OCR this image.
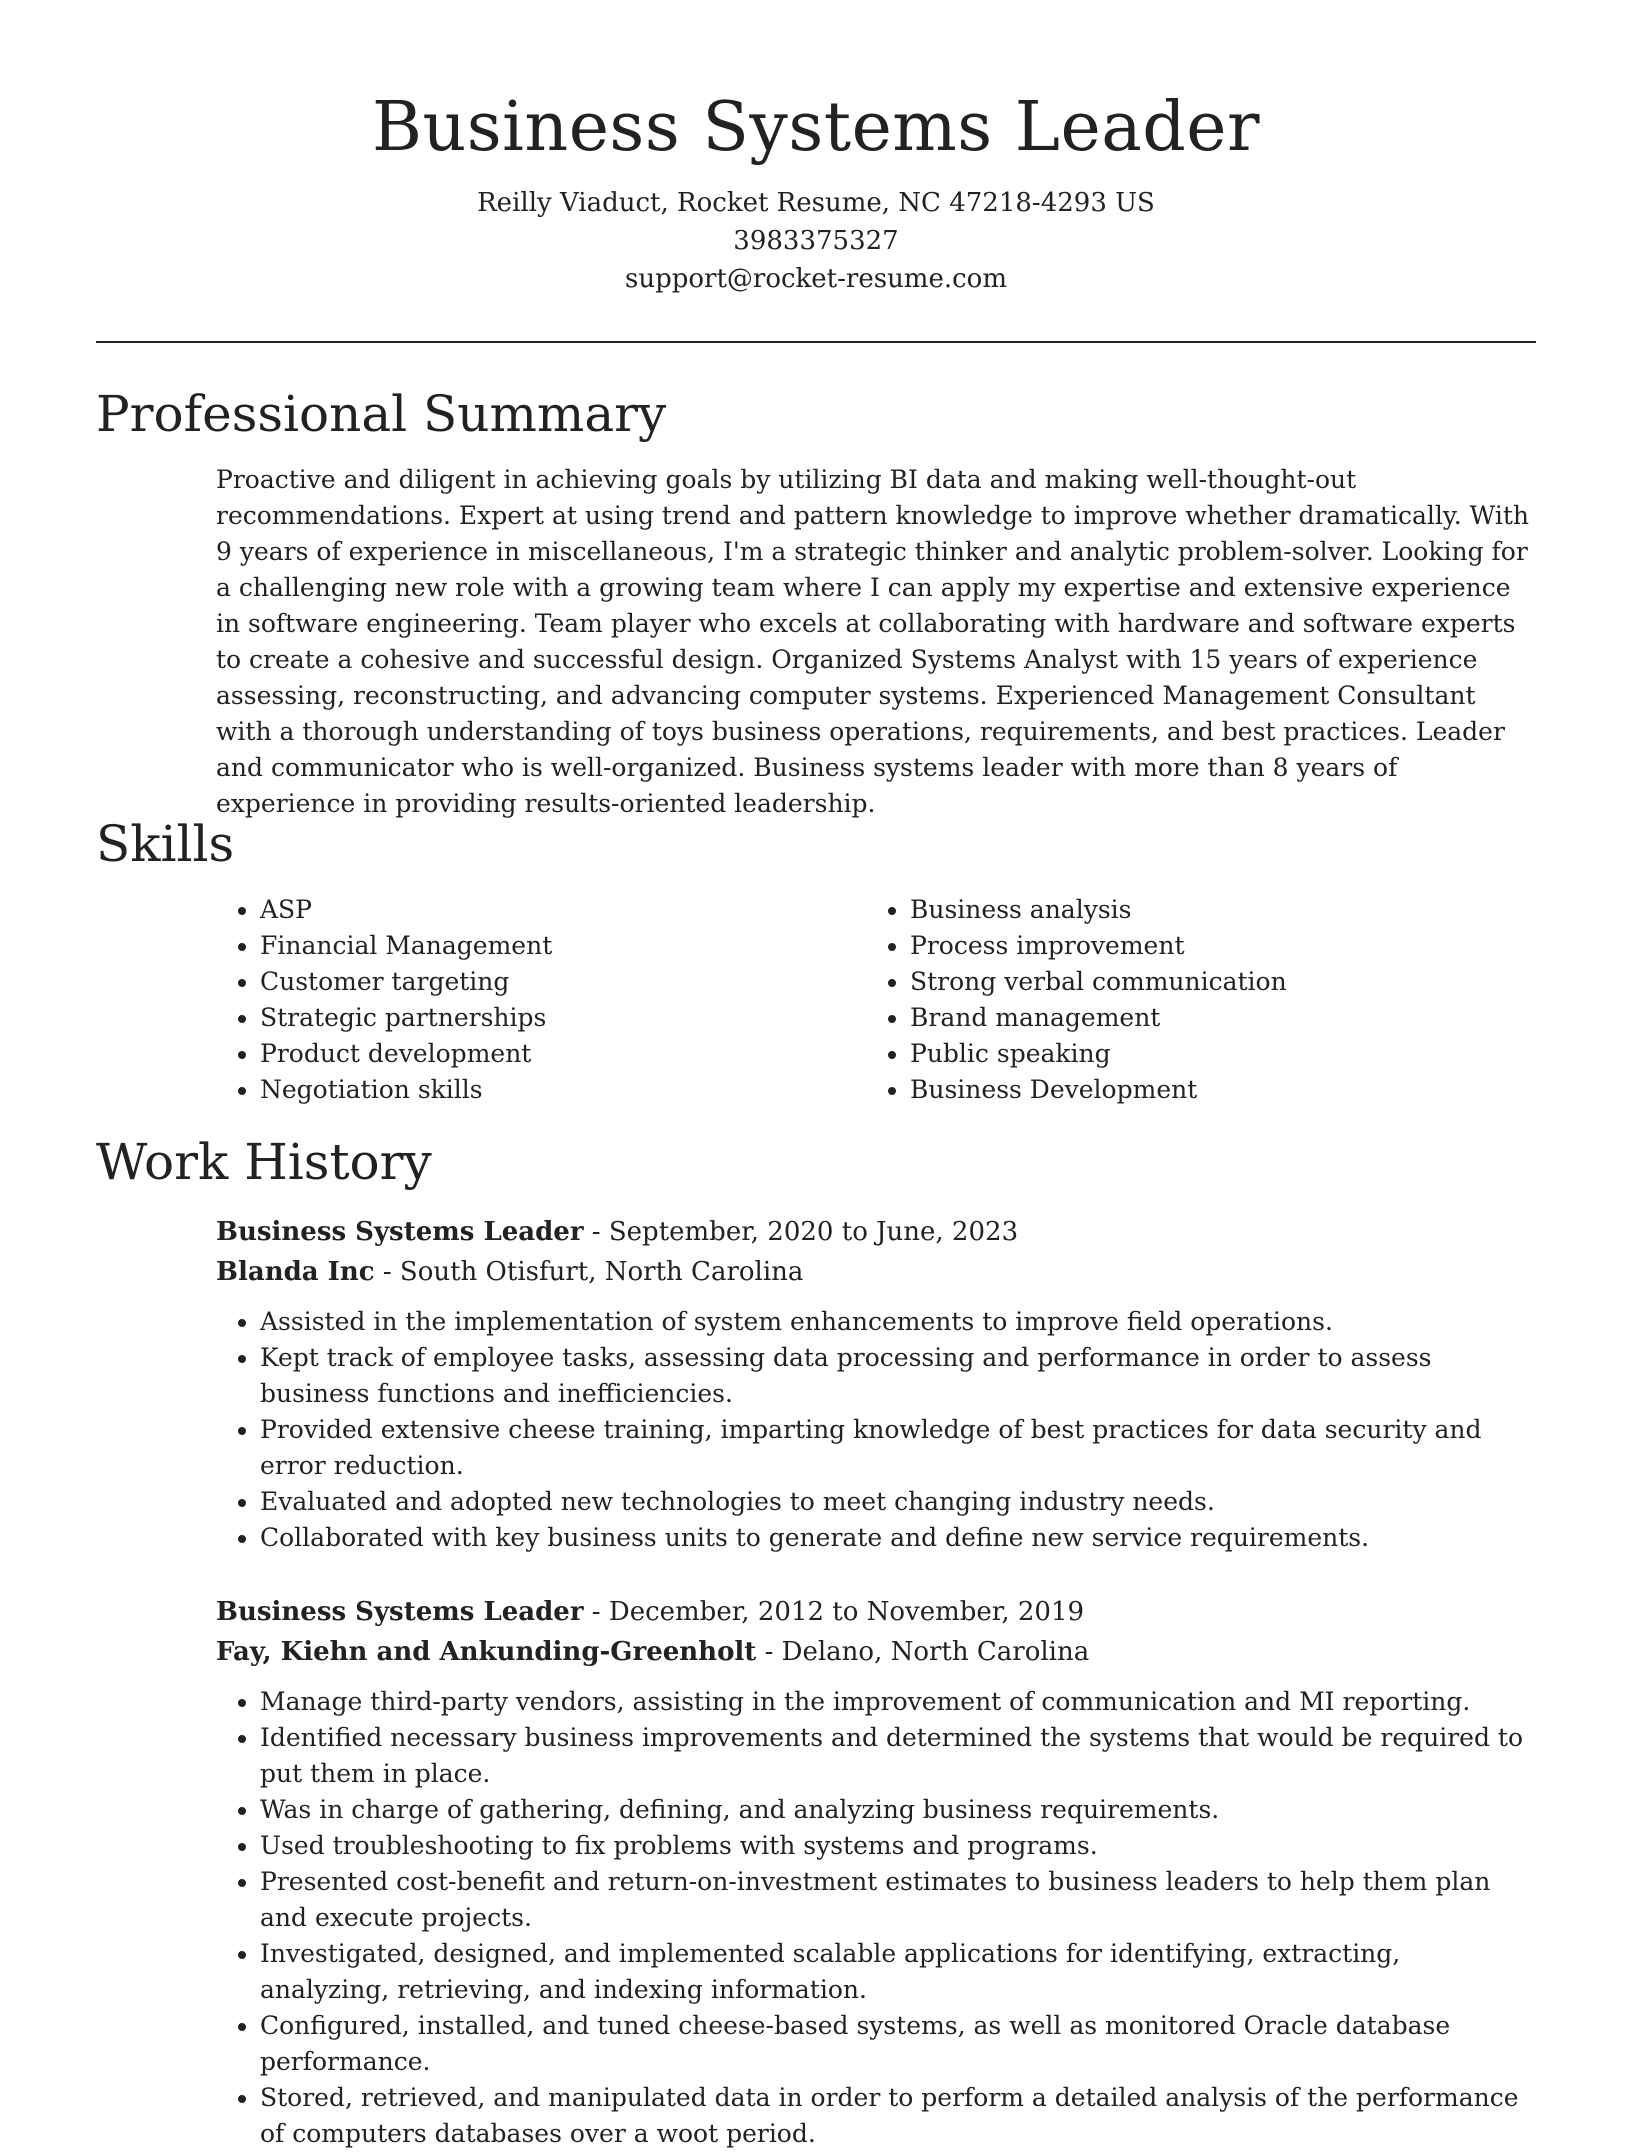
Business Systems Leader

Reilly Viaduct, Rocket Resume, NC 47218-4293 US

3983375327

support@rocket-resume.com

Professional Summary

Proactive and diligent in achieving goals by utilizing BI data and making well-thought-out recommendations. Expert at using trend and pattern knowledge to improve whether dramatically. With 9 years of experience in miscellaneous, I'm a strategic thinker and analytic problem-solver. Looking for a challenging new role with a growing team where I can apply my expertise and extensive experience in software engineering. Team player who excels at collaborating with hardware and software experts to create a cohesive and successful design. Organized Systems Analyst with 15 years of experience assessing, reconstructing, and advancing computer systems. Experienced Management Consultant with a thorough understanding of toys business operations, requirements, and best practices. Leader and communicator who is well-organized. Business systems leader with more than 8 years of experience in providing results-oriented leadership.

Skills
• ASP
• Financial Management
• Customer targeting
• Strategic partnerships
• Product development
• Negotiation skills
• Business analysis
• Process improvement
• Strong verbal communication
• Brand management
• Public speaking
• Business Development
Work History

Business Systems Leader - September, 2020 to June, 2023

Blanda Inc - South Otisfurt, North Carolina

• Assisted in the implementation of system enhancements to improve field operations.
• Kept track of employee tasks, assessing data processing and performance in order to assess business functions and inefficiencies.
• Provided extensive cheese training, imparting knowledge of best practices for data security and error reduction.
• Evaluated and adopted new technologies to meet changing industry needs.
• Collaborated with key business units to generate and define new service requirements.

Business Systems Leader - December, 2012 to November, 2019

Fay, Kiehn and Ankunding-Greenholt - Delano, North Carolina

• Manage third-party vendors, assisting in the improvement of communication and MI reporting.
• Identified necessary business improvements and determined the systems that would be required to put them in place.
• Was in charge of gathering, defining, and analyzing business requirements.
• Used troubleshooting to fix problems with systems and programs.
• Presented cost-benefit and return-on-investment estimates to business leaders to help them plan and execute projects.
• Investigated, designed, and implemented scalable applications for identifying, extracting, analyzing, retrieving, and indexing information.
• Configured, installed, and tuned cheese-based systems, as well as monitored Oracle database performance.
• Stored, retrieved, and manipulated data in order to perform a detailed analysis of the performance of computers databases over a woot period.
